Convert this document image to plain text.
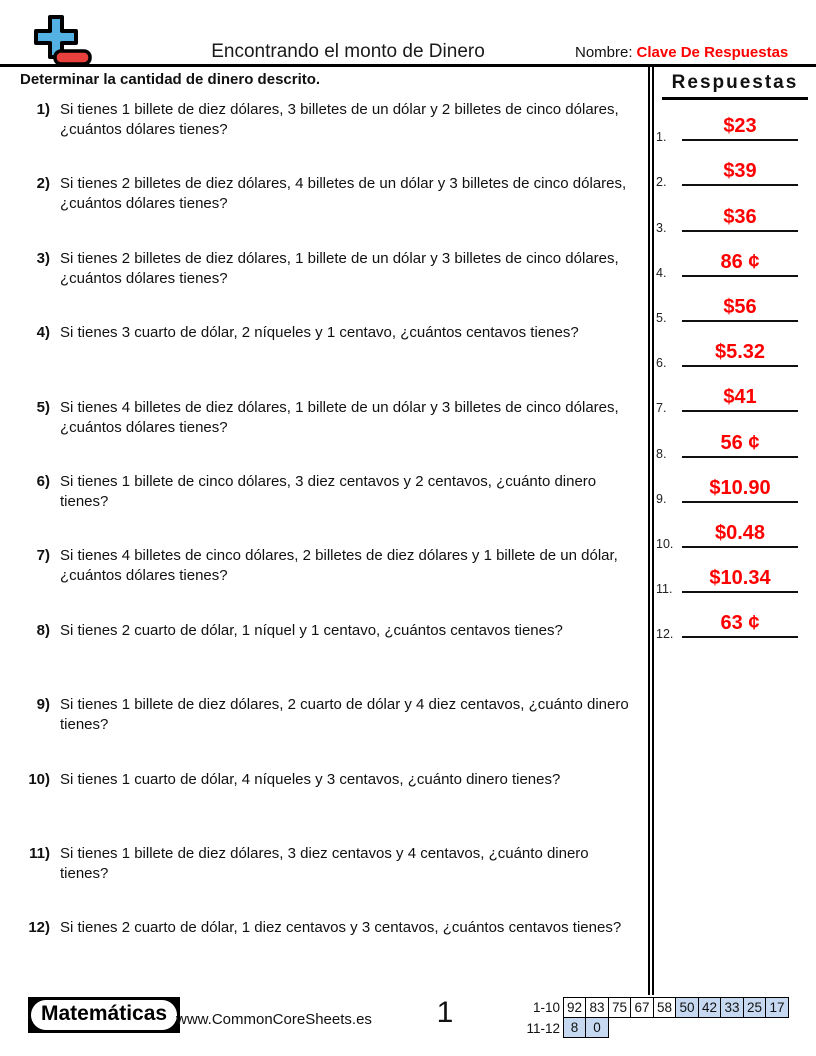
Encontrando el monto de Dinero	Nombre: Clave De Respuestas
Determinar la cantidad de dinero descrito.
1) Si tienes 1 billete de diez dólares, 3 billetes de un dólar y 2 billetes de cinco dólares, ¿cuántos dólares tienes?
2) Si tienes 2 billetes de diez dólares, 4 billetes de un dólar y 3 billetes de cinco dólares, ¿cuántos dólares tienes?
3) Si tienes 2 billetes de diez dólares, 1 billete de un dólar y 3 billetes de cinco dólares, ¿cuántos dólares tienes?
4) Si tienes 3 cuarto de dólar, 2 níqueles y 1 centavo, ¿cuántos centavos tienes?
5) Si tienes 4 billetes de diez dólares, 1 billete de un dólar y 3 billetes de cinco dólares, ¿cuántos dólares tienes?
6) Si tienes 1 billete de cinco dólares, 3 diez centavos y 2 centavos, ¿cuánto dinero tienes?
7) Si tienes 4 billetes de cinco dólares, 2 billetes de diez dólares y 1 billete de un dólar, ¿cuántos dólares tienes?
8) Si tienes 2 cuarto de dólar, 1 níquel y 1 centavo, ¿cuántos centavos tienes?
9) Si tienes 1 billete de diez dólares, 2 cuarto de dólar y 4 diez centavos, ¿cuánto dinero tienes?
10) Si tienes 1 cuarto de dólar, 4 níqueles y 3 centavos, ¿cuánto dinero tienes?
11) Si tienes 1 billete de diez dólares, 3 diez centavos y 4 centavos, ¿cuánto dinero tienes?
12) Si tienes 2 cuarto de dólar, 1 diez centavos y 3 centavos, ¿cuántos centavos tienes?
Respuestas
1.	$23
2.	$39
3.	$36
4.	86 ¢
5.	$56
6.	$5.32
7.	$41
8.	56 ¢
9.	$10.90
10.	$0.48
11.	$10.34
12.	63 ¢
Matemáticas www.CommonCoreSheets.es	1	1-10 92 83 75 67 58 50 42 33 25 17
11-12 8	0
